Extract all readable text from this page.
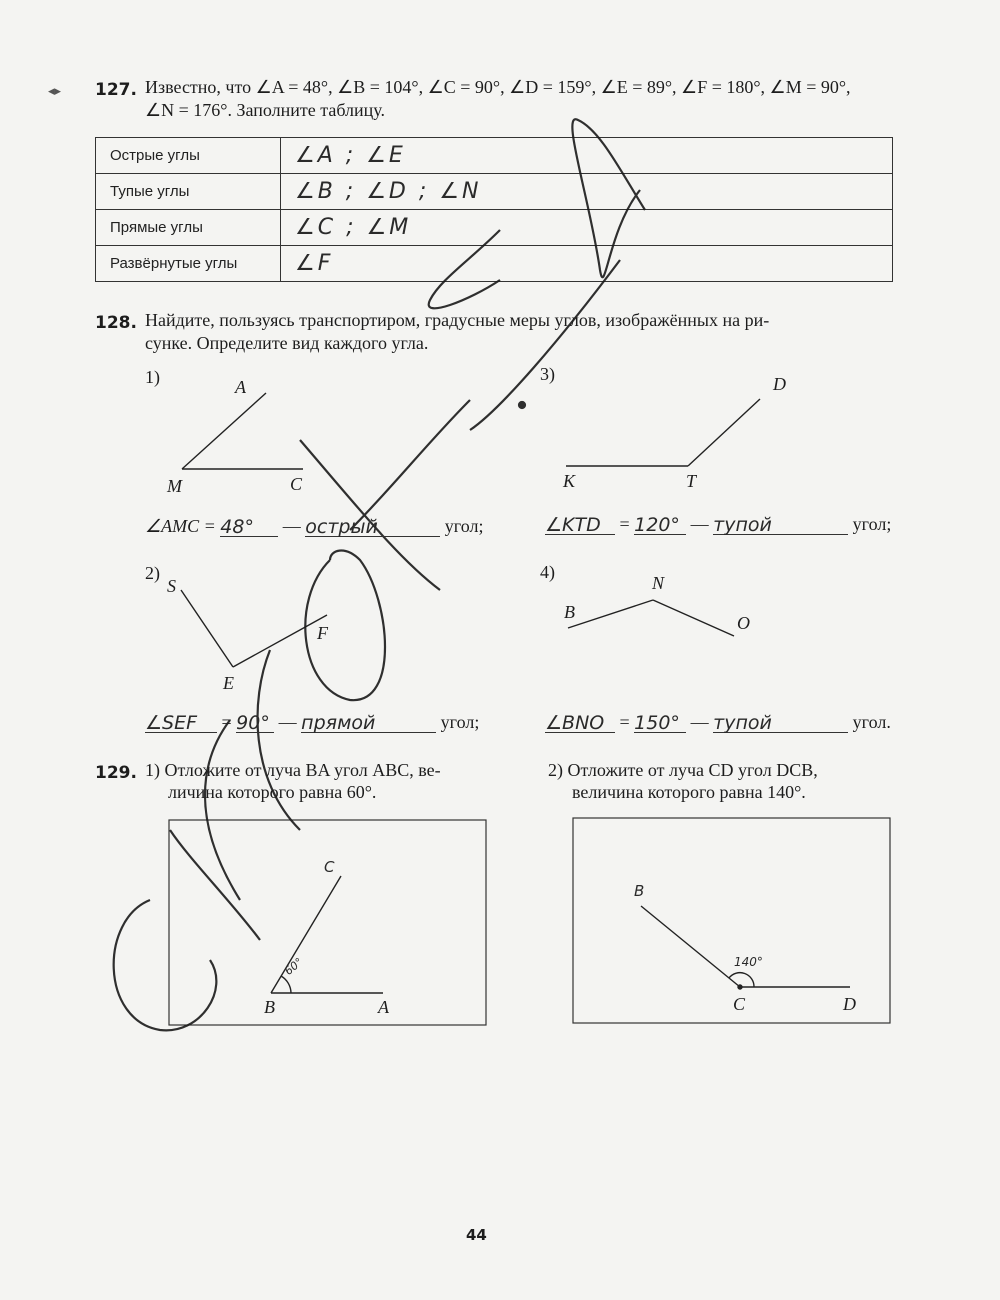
◂▸ 127. Известно, что ∠A = 48°, ∠B = 104°, ∠C = 90°, ∠D = 159°, ∠E = 89°, ∠F = 180°, ∠M = 90°,
∠N = 176°. Заполните таблицу.
Острые углы	∠A ; ∠E
Тупые углы	∠B ; ∠D ; ∠N
Прямые углы	∠C ; ∠M
Развёрнутые углы	∠F
128. Найдите, пользуясь транспортиром, градусные меры углов, изображённых на ри-
сунке. Определите вид каждого угла.
A
M	C
D
K	T
S
F
E
N
B
O
1)	3)
2)	4)
∠AMC = 48° — острый	угол;	∠KTD = 120° — тупой	угол;
∠SEF = 90° — прямой	угол;	∠BNO = 150° — тупой	угол.
129. 1) Отложите от луча BA угол ABC, ве-
личина которого равна 60°.
2) Отложите от луча CD угол DCB,
величина которого равна 140°.
C
B	A
60°
B
C	D
140°
44
